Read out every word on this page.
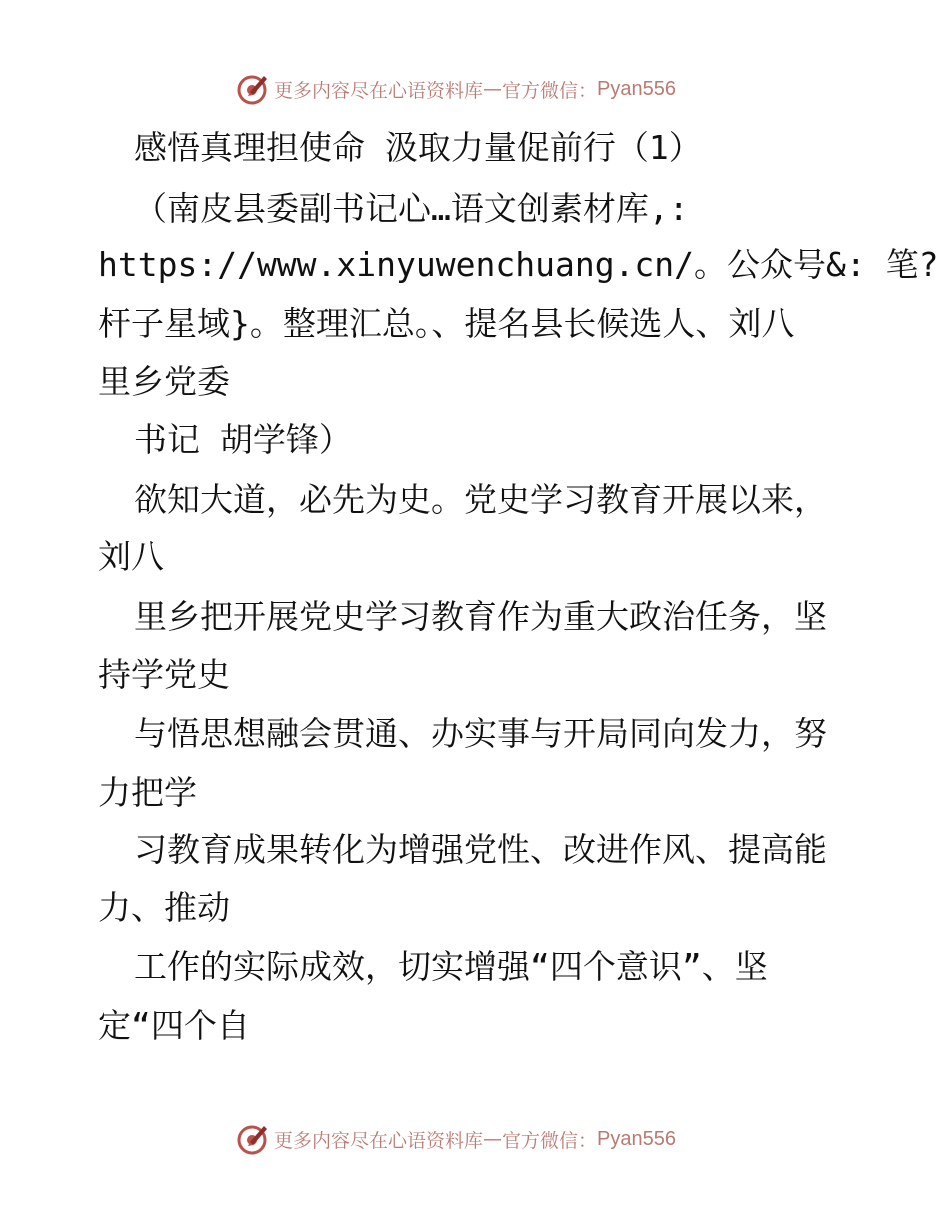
更多内容尽在心语资料库 — 官方微信： Pyan556
感悟真理担使命 汲取力量促前行（1）
（南皮县委副书记心…语文创素材库,:
https://www.xinyuwenchuang.cn/。公众号&: 笔?
杆子星域}。整理汇总。、提名县长候选人、刘八
里乡党委
书记 胡学锋）
欲知大道，必先为史。党史学习教育开展以来，
刘八
里乡把开展党史学习教育作为重大政治任务，坚
持学党史
与悟思想融会贯通、办实事与开局同向发力，努
力把学
习教育成果转化为增强党性、改进作风、提高能
力、推动
工作的实际成效，切实增强“四个意识”、坚
定“四个自
更多内容尽在心语资料库 — 官方微信： Pyan556
